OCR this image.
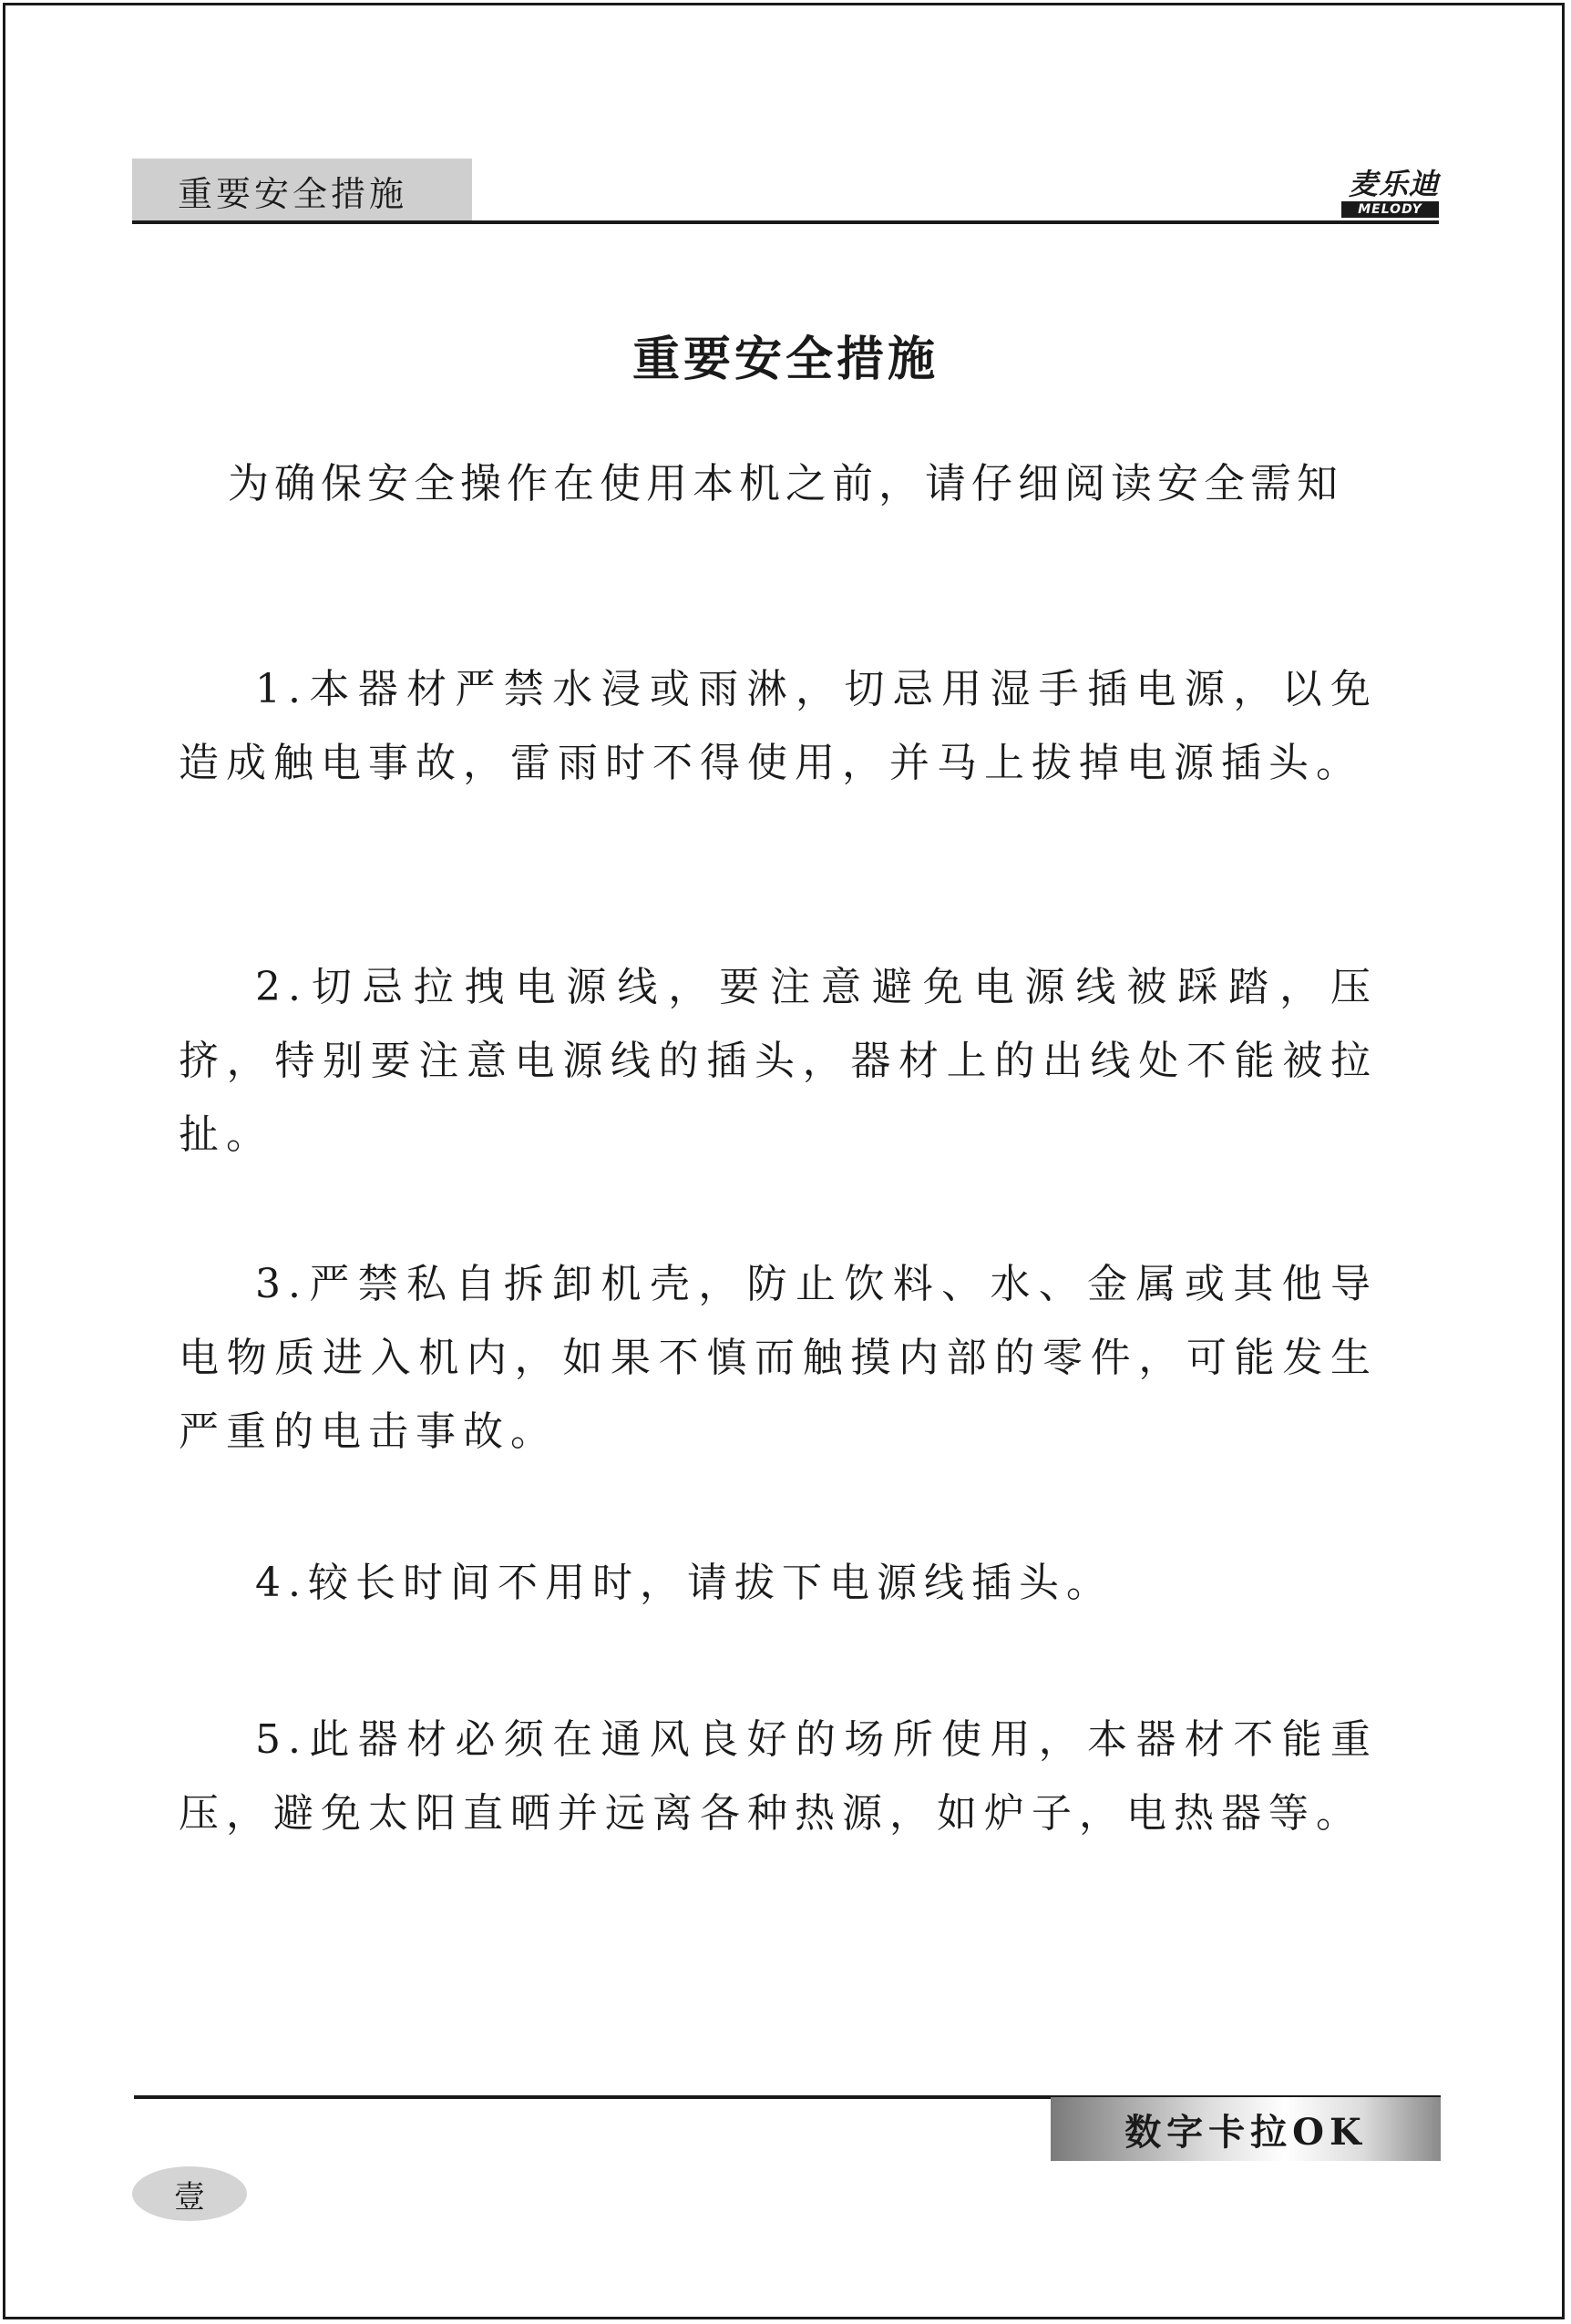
重要安全措施	麦乐迪
MELODY
重要安全措施

为确保安全操作在使用本机之前，请仔细阅读安全需知

1.本器材严禁水浸或雨淋，切忌用湿手插电源，以免造成触电事故，雷雨时不得使用，并马上拔掉电源插头。

2.切忌拉拽电源线，要注意避免电源线被踩踏，压挤，特别要注意电源线的插头，器材上的出线处不能被拉扯。

3.严禁私自拆卸机壳，防止饮料、水、金属或其他导电物质进入机内，如果不慎而触摸内部的零件，可能发生严重的电击事故。

4.较长时间不用时，请拔下电源线插头。

5.此器材必须在通风良好的场所使用，本器材不能重压，避免太阳直晒并远离各种热源，如炉子，电热器等。

数字卡拉OK
壹
